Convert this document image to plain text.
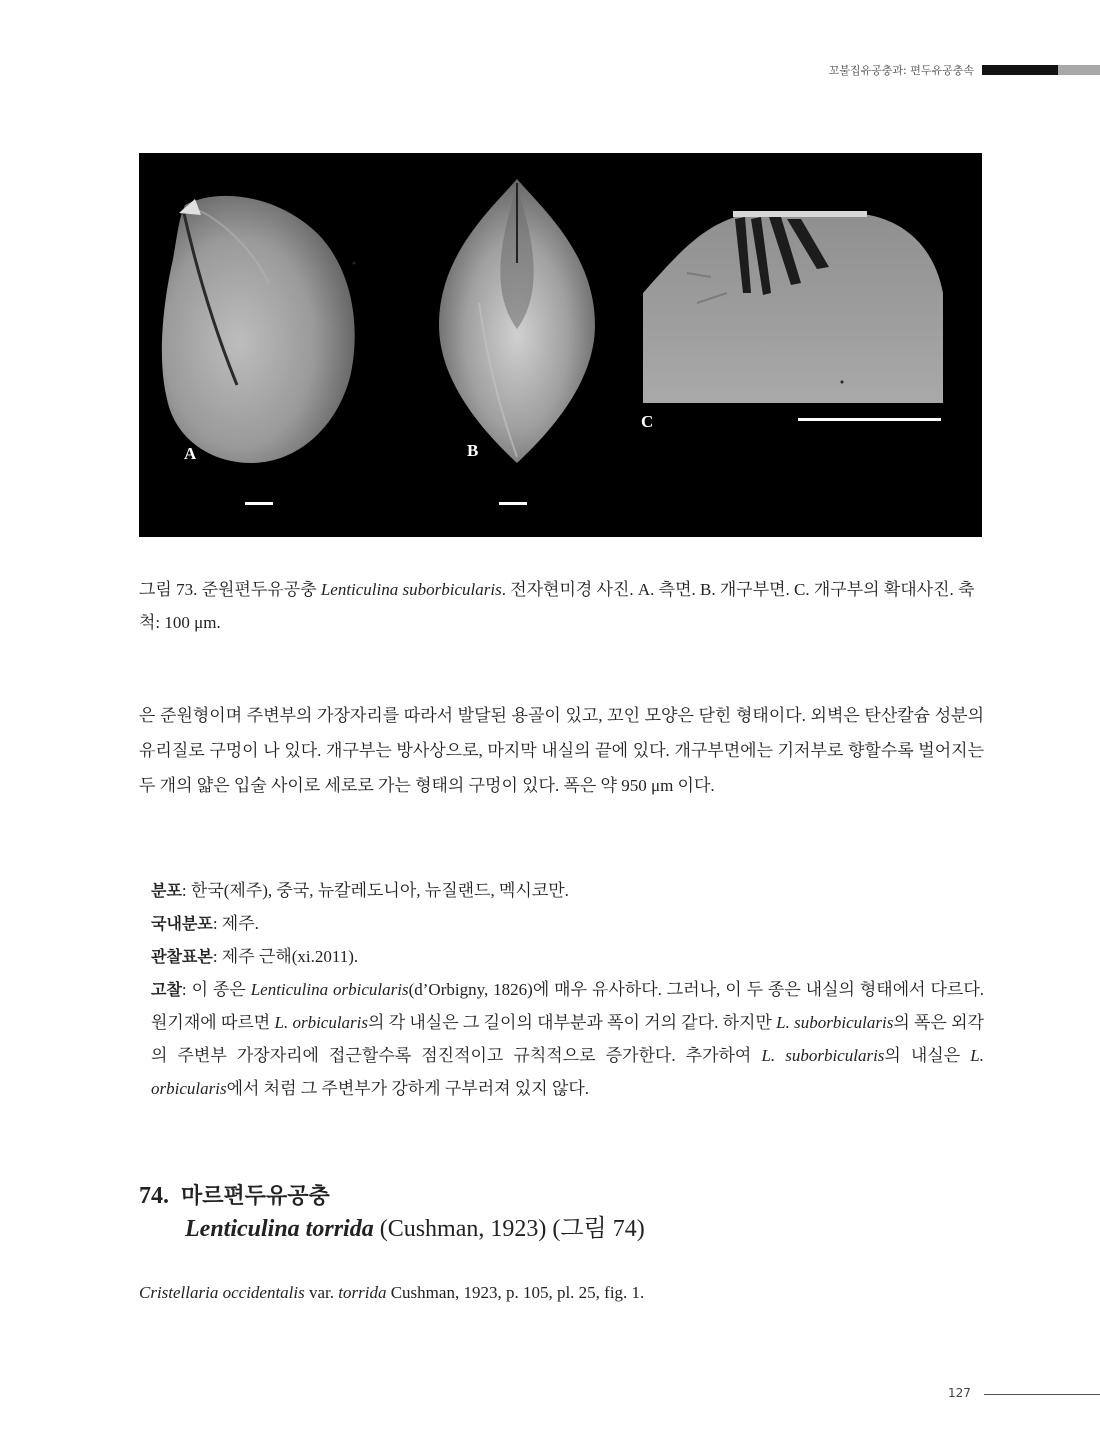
꼬불집유공충과: 편두유공충속
A	B
C
그림 73. 준원편두유공충 Lenticulina suborbicularis. 전자현미경 사진. A. 측면. B. 개구부면. C. 개구부의 확대사진. 축척: 100 μm.
은 준원형이며 주변부의 가장자리를 따라서 발달된 용골이 있고, 꼬인 모양은 닫힌 형태이다. 외벽은 탄산칼슘 성분의 유리질로 구멍이 나 있다. 개구부는 방사상으로, 마지막 내실의 끝에 있다. 개구부면에는 기저부로 향할수록 벌어지는 두 개의 얇은 입술 사이로 세로로 가는 형태의 구멍이 있다. 폭은 약 950 μm 이다.
분포: 한국(제주), 중국, 뉴칼레도니아, 뉴질랜드, 멕시코만.
국내분포: 제주.
관찰표본: 제주 근해(xi.2011).
고찰: 이 종은 Lenticulina orbicularis(d’Orbigny, 1826)에 매우 유사하다. 그러나, 이 두 종은 내실의 형태에서 다르다. 원기재에 따르면 L. orbicularis의 각 내실은 그 길이의 대부분과 폭이 거의 같다. 하지만 L. suborbicularis의 폭은 외각의 주변부 가장자리에 접근할수록 점진적이고 규칙적으로 증가한다. 추가하여 L. suborbicularis의 내실은 L. orbicularis에서 처럼 그 주변부가 강하게 구부러져 있지 않다.
74. 마르편두유공충
Lenticulina torrida (Cushman, 1923) (그림 74)
Cristellaria occidentalis var. torrida Cushman, 1923, p. 105, pl. 25, fig. 1.
127
